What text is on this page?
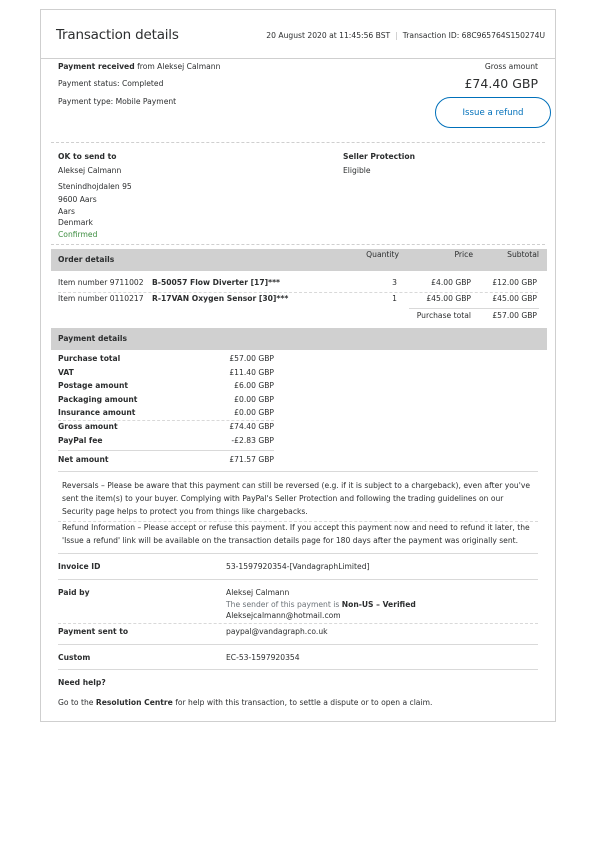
Transaction details	20 August 2020 at 11:45:56 BST | Transaction ID: 68C965764S150274U
Payment received from Aleksej Calmann
Payment status: Completed
Payment type: Mobile Payment
Gross amount
£74.40 GBP
Issue a refund
OK to send to
Aleksej Calmann
Stenindhojdalen 95
9600 Aars
Aars
Denmark
Confirmed
Seller Protection
Eligible
Order details
Quantity	Price	Subtotal
Item number 9711002 B-50057 Flow Diverter [17]***	3	£4.00 GBP	£12.00 GBP
Item number 0110217 R-17VAN Oxygen Sensor [30]***	1	£45.00 GBP	£45.00 GBP
Purchase total	£57.00 GBP
Payment details
Purchase total	£57.00 GBP
VAT	£11.40 GBP
Postage amount	£6.00 GBP
Packaging amount	£0.00 GBP
Insurance amount	£0.00 GBP
Gross amount	£74.40 GBP
PayPal fee	-£2.83 GBP
Net amount	£71.57 GBP
Reversals – Please be aware that this payment can still be reversed (e.g. if it is subject to a chargeback), even after you've
sent the item(s) to your buyer. Complying with PayPal's Seller Protection and following the trading guidelines on our
Security page helps to protect you from things like chargebacks.
Refund Information – Please accept or refuse this payment. If you accept this payment now and need to refund it later, the
'Issue a refund' link will be available on the transaction details page for 180 days after the payment was originally sent.
Invoice ID	53-1597920354-[VandagraphLimited]
Paid by	Aleksej Calmann
The sender of this payment is Non-US – Verified
Aleksejcalmann@hotmail.com
Payment sent to	paypal@vandagraph.co.uk
Custom	EC-53-1597920354
Need help?
Go to the Resolution Centre for help with this transaction, to settle a dispute or to open a claim.
